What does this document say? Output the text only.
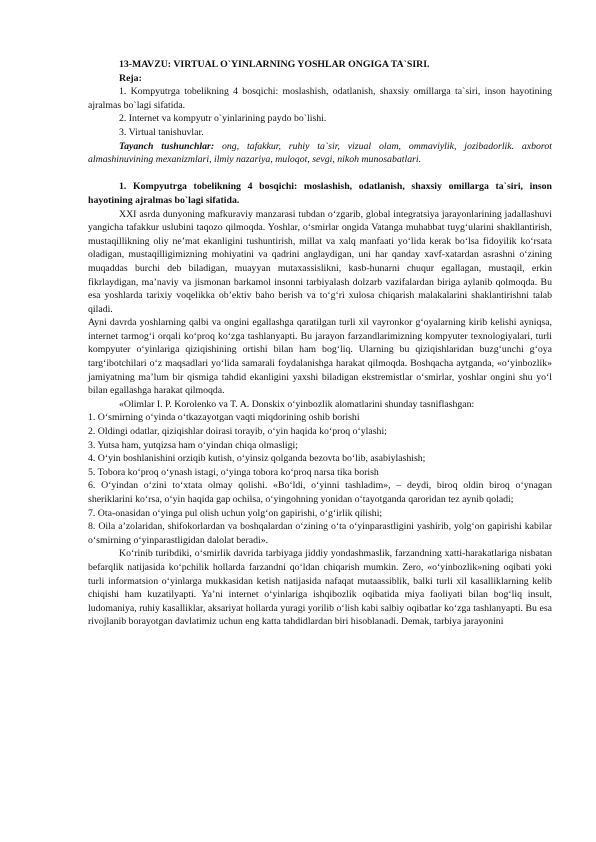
13-MAVZU: VIRTUAL O`YINLARNING YOSHLAR ONGIGA TA`SIRI.

Reja:

1. Kompyutrga tobelikning 4 bosqichi: moslashish, odatlanish, shaxsiy omillarga ta`siri, inson hayotining ajralmas bo`lagi sifatida.

2. Internet va kompyutr o`yinlarining paydo bo`lishi.

3. Virtual tanishuvlar.

Tayanch tushunchlar: ong, tafakkur, ruhiy ta`sir, vizual olam, ommaviylik, jozibadorlik. axborot almashinuvining mexanizmlari, ilmiy nazariya, muloqot, sevgi, nikoh munosabatlari.

1. Kompyutrga tobelikning 4 bosqichi: moslashish, odatlanish, shaxsiy omillarga ta`siri, inson hayotining ajralmas bo`lagi sifatida.

XXI asrda dunyoning mafkuraviy manzarasi tubdan o‘zgarib, global integratsiya jarayonlarining jadallashuvi yangicha tafakkur uslubini taqozo qilmoqda. Yoshlar, o‘smirlar ongida Vatanga muhabbat tuyg‘ularini shakllantirish, mustaqillikning oliy ne’mat ekanligini tushuntirish, millat va xalq manfaati yo‘lida kerak bo‘lsa fidoyilik ko‘rsata oladigan, mustaqilligimizning mohiyatini va qadrini anglaydigan, uni har qanday xavf-xatardan asrashni o‘zining muqaddas burchi deb biladigan, muayyan mutaxassislikni, kasb-hunarni chuqur egallagan, mustaqil, erkin fikrlaydigan, ma’naviy va jismonan barkamol insonni tarbiyalash dolzarb vazifalardan biriga aylanib qolmoqda. Bu esa yoshlarda tarixiy voqelikka ob’ektiv baho berish va to‘g‘ri xulosa chiqarish malakalarini shaklantirishni talab qiladi.

Ayni davrda yoshlarning qalbi va ongini egallashga qaratilgan turli xil vayronkor g‘oyalarning kirib kelishi ayniqsa, internet tarmog‘i orqali ko‘proq ko‘zga tashlanyapti. Bu jarayon farzandlarimizning kompyuter texnologiyalari, turli kompyuter o‘yinlariga qiziqishining ortishi bilan ham bog‘liq. Ularning bu qiziqishlaridan buzg‘unchi g‘oya targ‘ibotchilari o‘z maqsadlari yo‘lida samarali foydalanishga harakat qilmoqda. Boshqacha aytganda, «o‘yinbozlik» jamiyatning ma’lum bir qismiga tahdid ekanligini yaxshi biladigan ekstremistlar o‘smirlar, yoshlar ongini shu yo‘l bilan egallashga harakat qilmoqda.

«Olimlar I. P. Korolenko va T. A. Donskix o‘yinbozlik alomatlarini shunday tasniflashgan:

1. O‘smirning o‘yinda o‘tkazayotgan vaqti miqdorining oshib borishi
2. Oldingi odatlar, qiziqishlar doirasi torayib, o‘yin haqida ko‘proq o‘ylashi;
3. Yutsa ham, yutqizsa ham o‘yindan chiqa olmasligi;
4. O‘yin boshlanishini orziqib kutish, o‘yinsiz qolganda bezovta bo‘lib, asabiylashish;
5. Tobora ko‘proq o‘ynash istagi, o‘yinga tobora ko‘proq narsa tika borish
6. O‘yindan o‘zini to‘xtata olmay qolishi. «Bo‘ldi, o‘yinni tashladim», – deydi, biroq oldin biroq o‘ynagan sheriklarini ko‘rsa, o‘yin haqida gap ochilsa, o‘yingohning yonidan o‘tayotganda qaroridan tez aynib qoladi;
7. Ota-onasidan o‘yinga pul olish uchun yolg‘on gapirishi, o‘g‘irlik qilishi;
8. Oila a’zolaridan, shifokorlardan va boshqalardan o‘zining o‘ta o‘yinparastligini yashirib, yolg‘on gapirishi kabilar o‘smirning o‘yinparastligidan dalolat beradi».

Ko‘rinib turibdiki, o‘smirlik davrida tarbiyaga jiddiy yondashmaslik, farzandning xatti-harakatlariga nisbatan befarqlik natijasida ko‘pchilik hollarda farzandni qo‘ldan chiqarish mumkin. Zero, «o‘yinbozlik»ning oqibati yoki turli informatsion o‘yinlarga mukkasidan ketish natijasida nafaqat mutaassiblik, balki turli xil kasalliklarning kelib chiqishi ham kuzatilyapti. Ya’ni internet o‘yinlariga ishqibozlik oqibatida miya faoliyati bilan bog‘liq insult, ludomaniya, ruhiy kasalliklar, aksariyat hollarda yuragi yorilib o‘lish kabi salbiy oqibatlar ko‘zga tashlanyapti. Bu esa rivojlanib borayotgan davlatimiz uchun eng katta tahdidlardan biri hisoblanadi. Demak, tarbiya jarayonini
